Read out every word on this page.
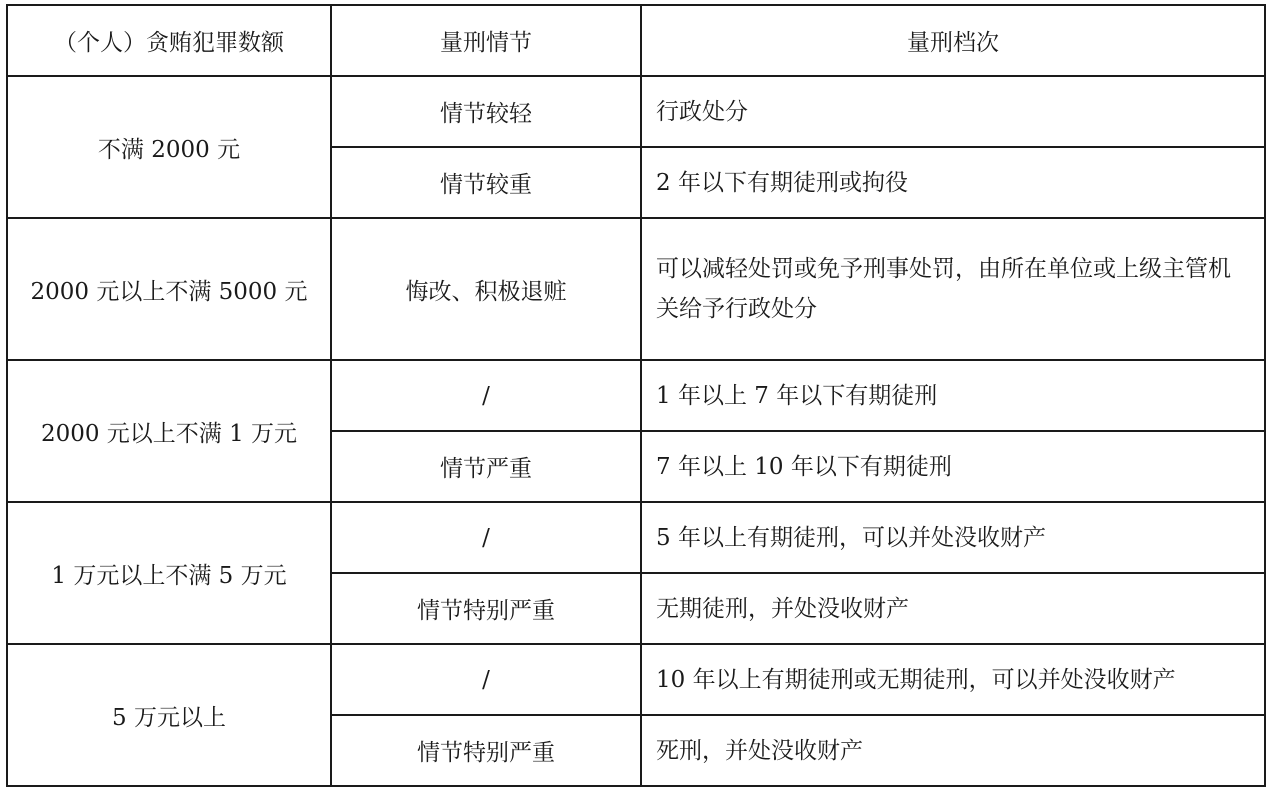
（个人）贪贿犯罪数额	量刑情节	量刑档次
不满 2000 元	情节较轻	行政处分
	情节较重	2 年以下有期徒刑或拘役
2000 元以上不满 5000 元	悔改、积极退赃	可以减轻处罚或免予刑事处罚，由所在单位或上级主管机关给予行政处分
2000 元以上不满 1 万元	/	1 年以上 7 年以下有期徒刑
	情节严重	7 年以上 10 年以下有期徒刑
1 万元以上不满 5 万元	/	5 年以上有期徒刑，可以并处没收财产
	情节特别严重	无期徒刑，并处没收财产
5 万元以上	/	10 年以上有期徒刑或无期徒刑，可以并处没收财产
	情节特别严重	死刑，并处没收财产
